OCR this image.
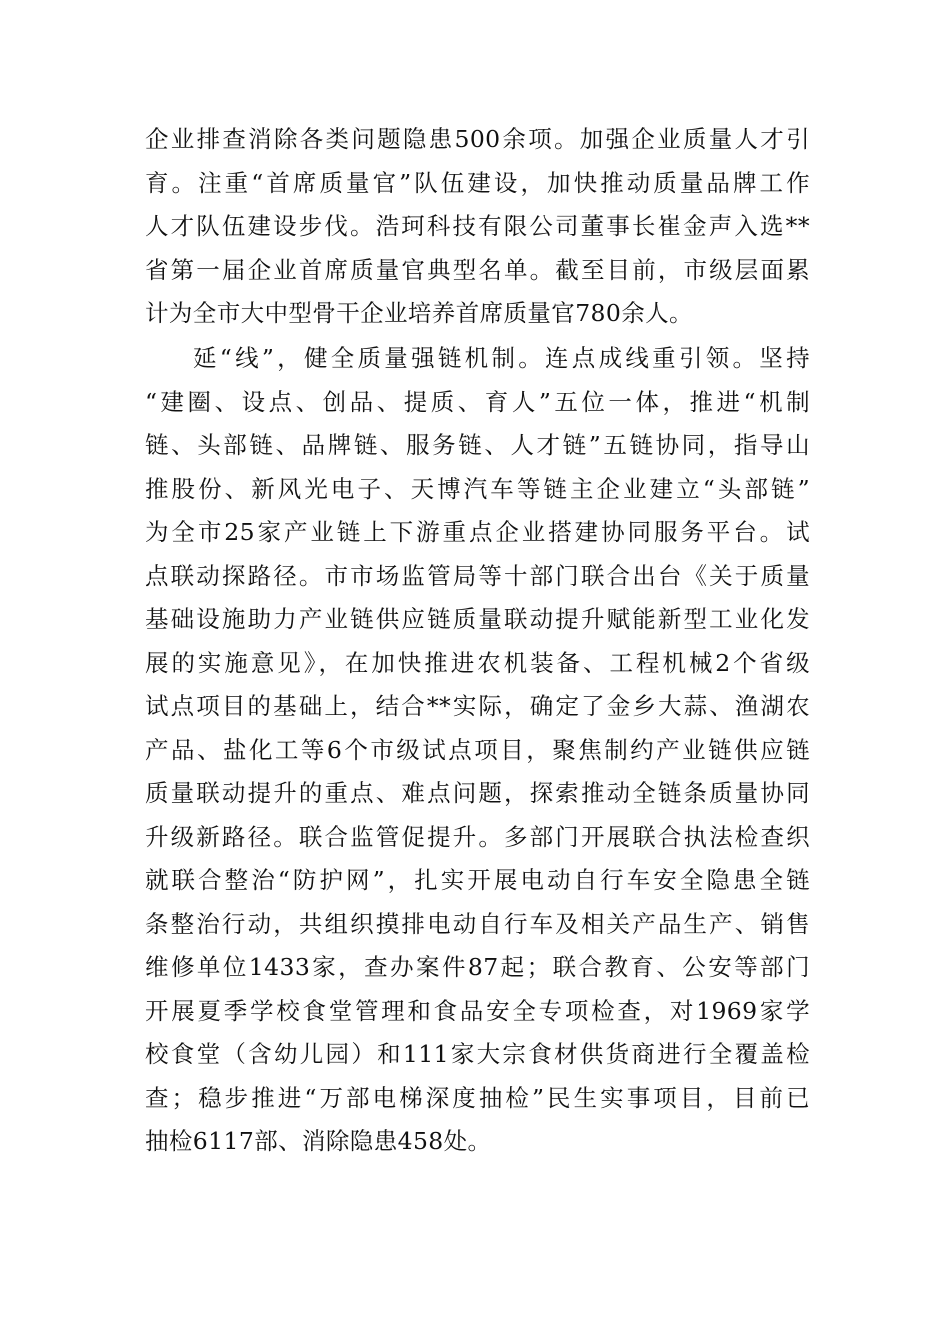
企业排查消除各类问题隐患500余项。加强企业质量人才引
育。注重“首席质量官”队伍建设，加快推动质量品牌工作
人才队伍建设步伐。浩珂科技有限公司董事长崔金声入选**
省第一届企业首席质量官典型名单。截至目前，市级层面累
计为全市大中型骨干企业培养首席质量官780余人。
延“线”，健全质量强链机制。连点成线重引领。坚持
“建圈、设点、创品、提质、育人”五位一体，推进“机制
链、头部链、品牌链、服务链、人才链”五链协同，指导山
推股份、新风光电子、天博汽车等链主企业建立“头部链”
为全市25家产业链上下游重点企业搭建协同服务平台。试
点联动探路径。市市场监管局等十部门联合出台《关于质量
基础设施助力产业链供应链质量联动提升赋能新型工业化发
展的实施意见》，在加快推进农机装备、工程机械2个省级
试点项目的基础上，结合**实际，确定了金乡大蒜、渔湖农
产品、盐化工等6个市级试点项目，聚焦制约产业链供应链
质量联动提升的重点、难点问题，探索推动全链条质量协同
升级新路径。联合监管促提升。多部门开展联合执法检查织
就联合整治“防护网”，扎实开展电动自行车安全隐患全链
条整治行动，共组织摸排电动自行车及相关产品生产、销售
维修单位1433家，查办案件87起；联合教育、公安等部门
开展夏季学校食堂管理和食品安全专项检查，对1969家学
校食堂（含幼儿园）和111家大宗食材供货商进行全覆盖检
查；稳步推进“万部电梯深度抽检”民生实事项目，目前已
抽检6117部、消除隐患458处。
